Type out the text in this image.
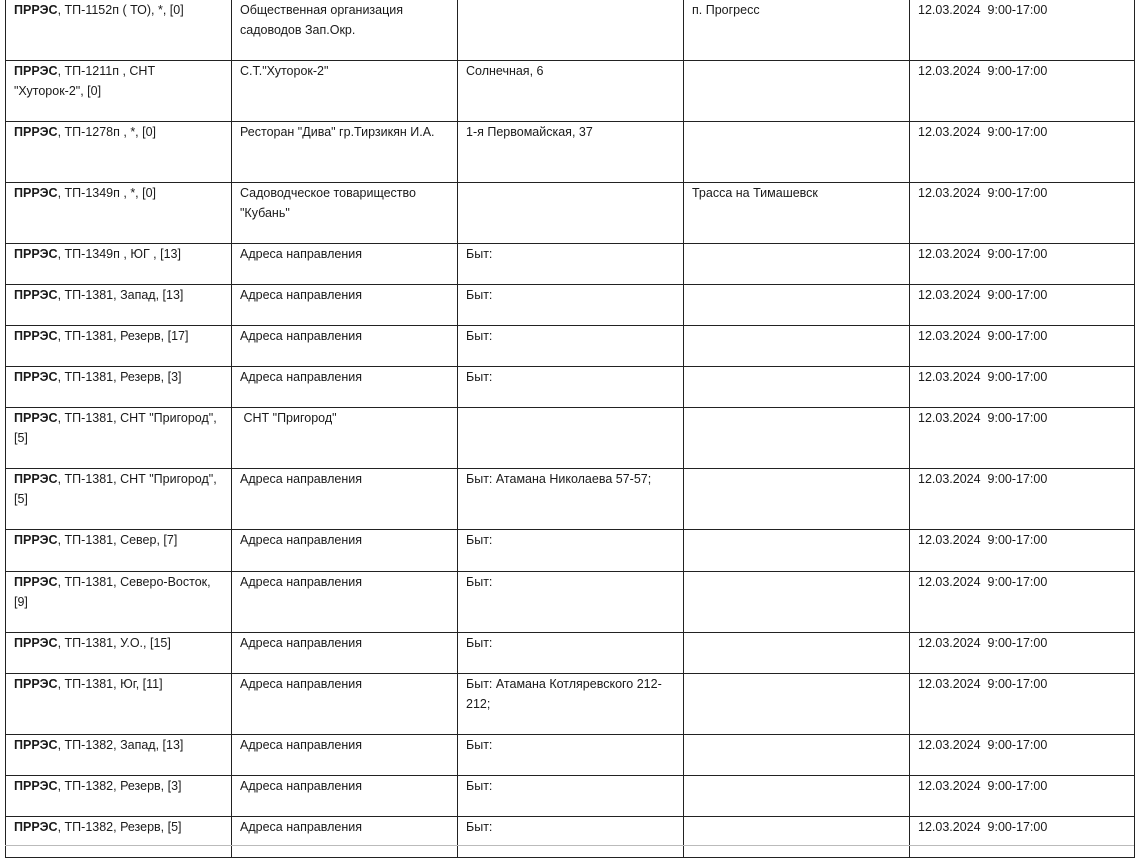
ПРРЭС, ТП-1152п ( ТО), *, [0]	Общественная организация садоводов Зап.Окр.		п. Прогресс	12.03.2024 9:00-17:00
ПРРЭС, ТП-1211п , СНТ "Хуторок-2", [0]	С.Т."Хуторок-2"	Солнечная, 6		12.03.2024 9:00-17:00
ПРРЭС, ТП-1278п , *, [0]	Ресторан "Дива" гр.Тирзикян И.А.	1-я Первомайская, 37		12.03.2024 9:00-17:00
ПРРЭС, ТП-1349п , *, [0]	Садоводческое товарищество "Кубань"		Трасса на Тимашевск	12.03.2024 9:00-17:00
ПРРЭС, ТП-1349п , ЮГ , [13]	Адреса направления	Быт:		12.03.2024 9:00-17:00
ПРРЭС, ТП-1381, Запад, [13]	Адреса направления	Быт:		12.03.2024 9:00-17:00
ПРРЭС, ТП-1381, Резерв, [17]	Адреса направления	Быт:		12.03.2024 9:00-17:00
ПРРЭС, ТП-1381, Резерв, [3]	Адреса направления	Быт:		12.03.2024 9:00-17:00
ПРРЭС, ТП-1381, СНТ "Пригород", [5]	СНТ "Пригород"			12.03.2024 9:00-17:00
ПРРЭС, ТП-1381, СНТ "Пригород", [5]	Адреса направления	Быт: Атамана Николаева 57-57;		12.03.2024 9:00-17:00
ПРРЭС, ТП-1381, Север, [7]	Адреса направления	Быт:		12.03.2024 9:00-17:00
ПРРЭС, ТП-1381, Северо-Восток, [9]	Адреса направления	Быт:		12.03.2024 9:00-17:00
ПРРЭС, ТП-1381, У.О., [15]	Адреса направления	Быт:		12.03.2024 9:00-17:00
ПРРЭС, ТП-1381, Юг, [11]	Адреса направления	Быт: Атамана Котляревского 212-212;		12.03.2024 9:00-17:00
ПРРЭС, ТП-1382, Запад, [13]	Адреса направления	Быт:		12.03.2024 9:00-17:00
ПРРЭС, ТП-1382, Резерв, [3]	Адреса направления	Быт:		12.03.2024 9:00-17:00
ПРРЭС, ТП-1382, Резерв, [5]	Адреса направления	Быт:		12.03.2024 9:00-17:00
